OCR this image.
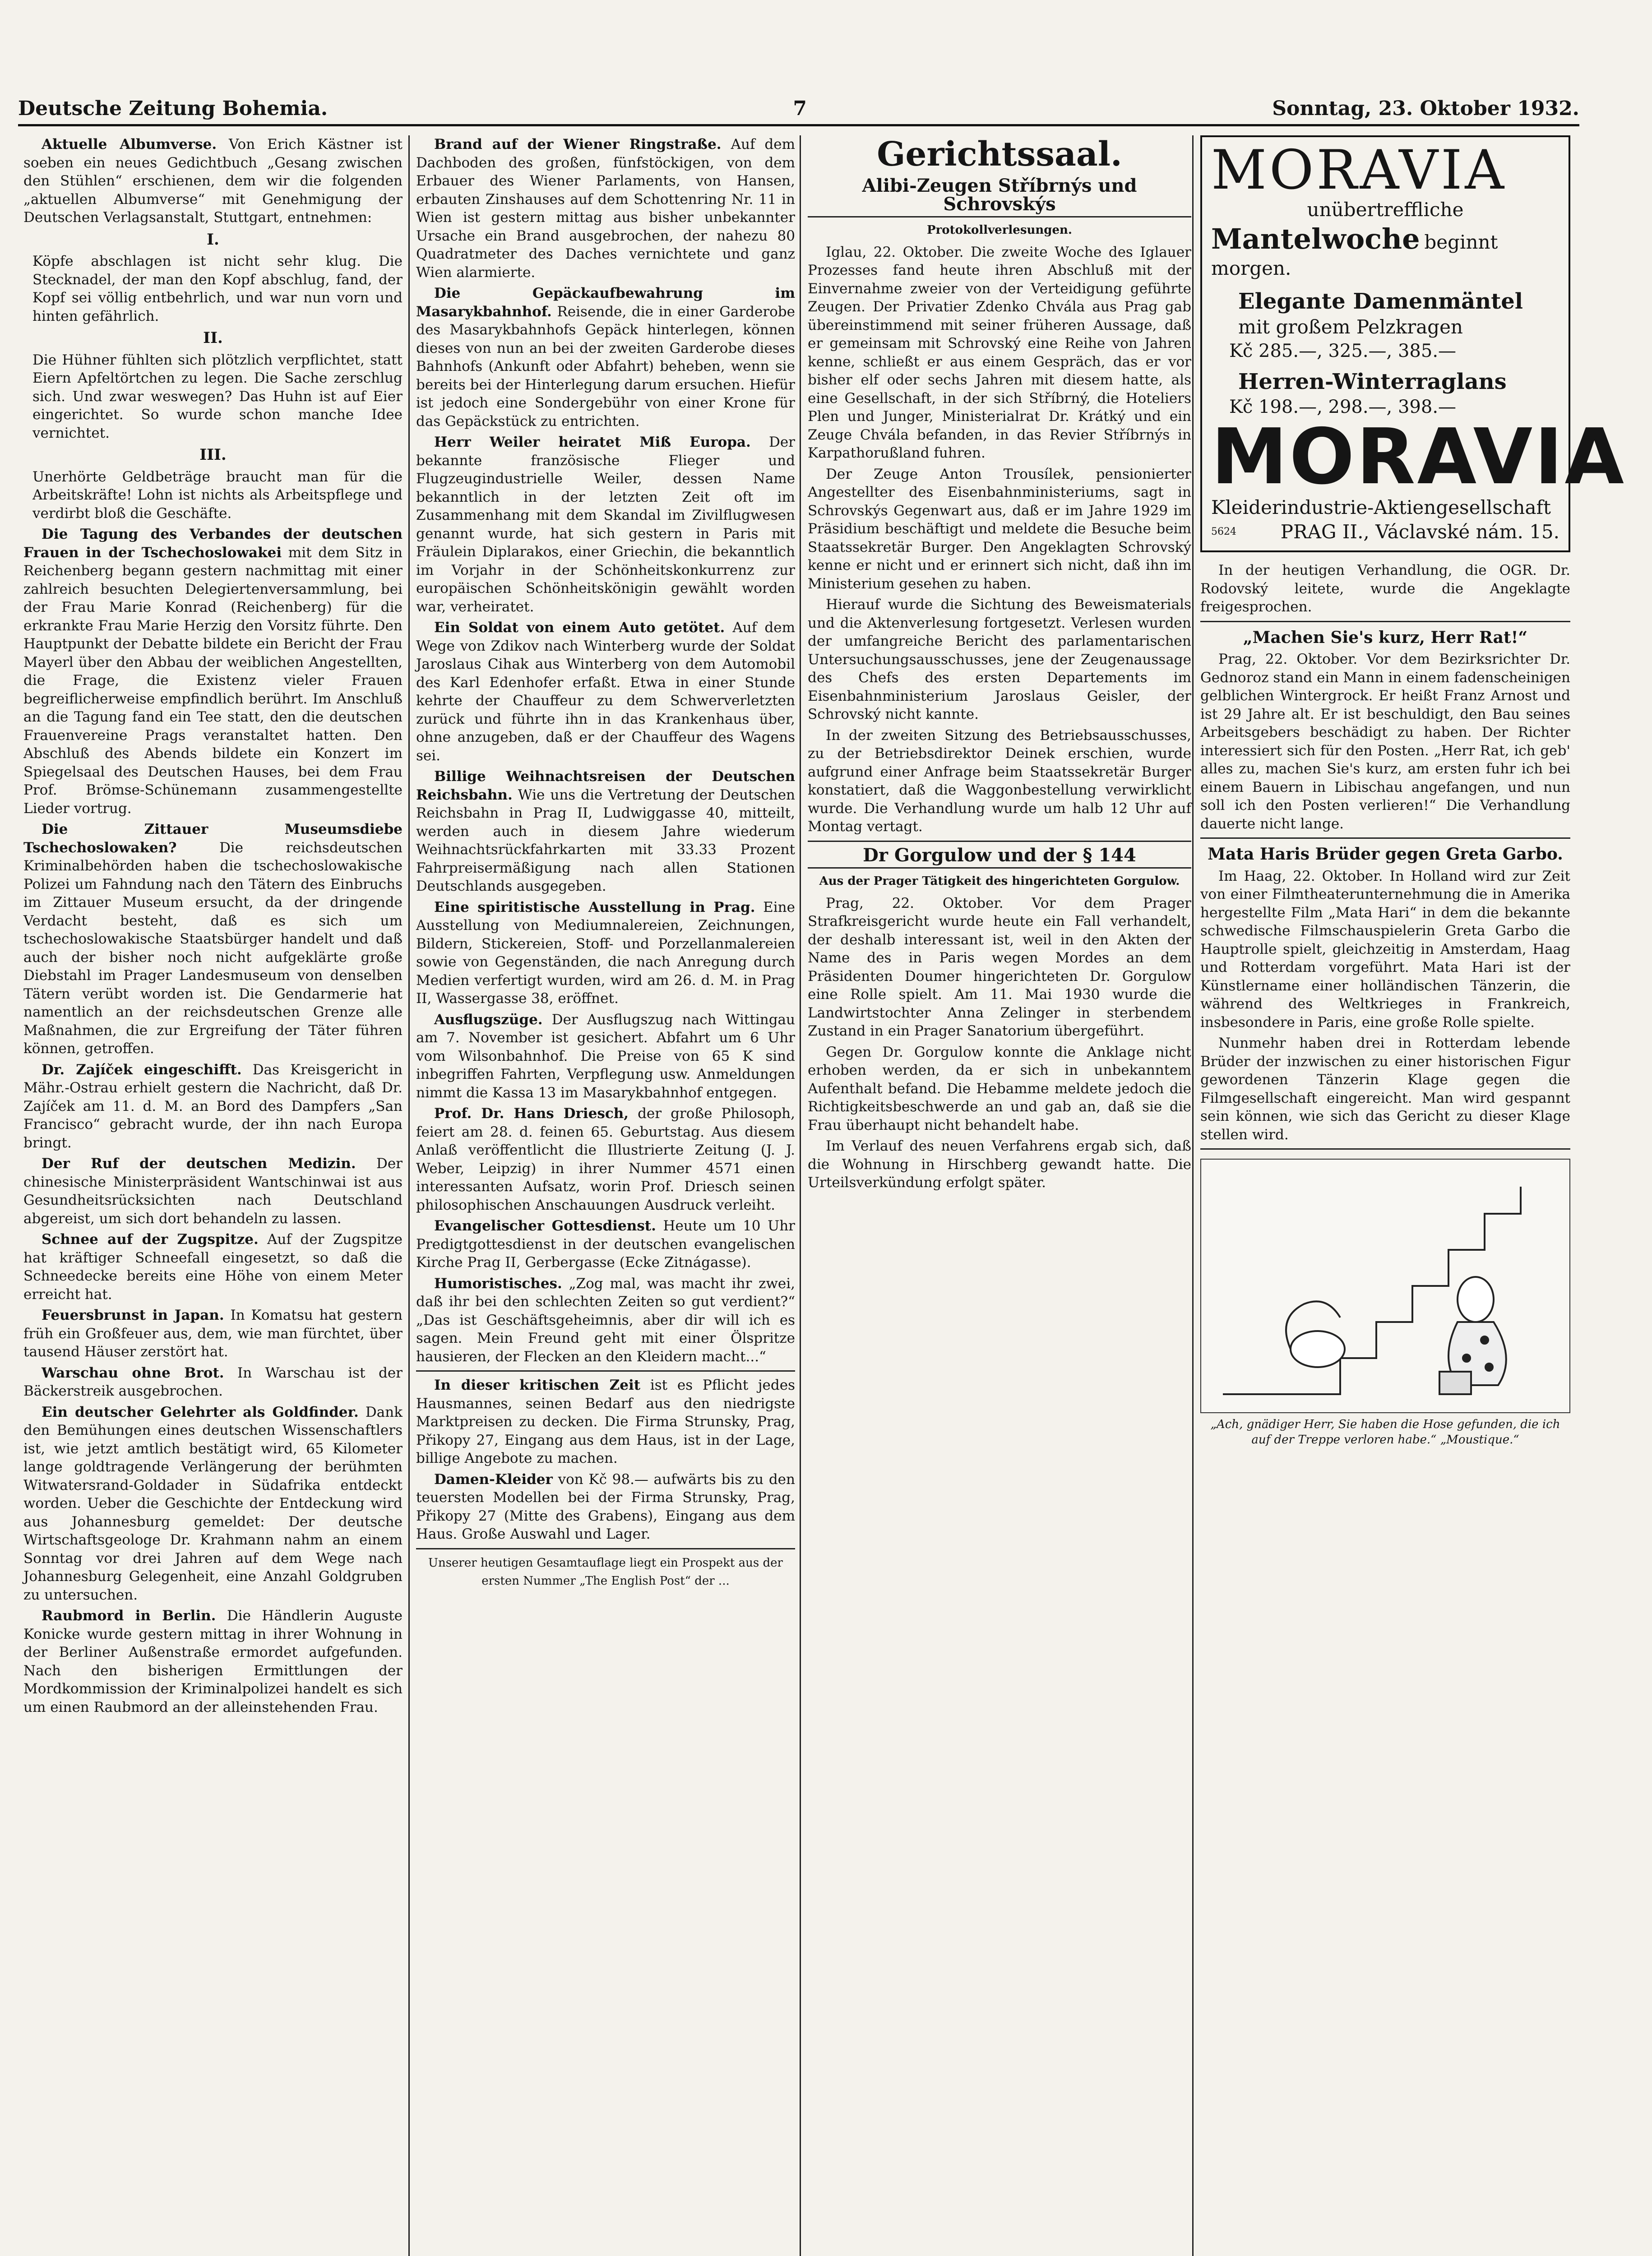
Deutsche Zeitung Bohemia.	7	Sonntag, 23. Oktober 1932.

Aktuelle Albumverse. Von Erich Kästner ist soeben ein neues Gedichtbuch „Gesang zwischen den Stühlen“ erschienen, dem wir die folgenden „aktuellen Albumverse“ mit Genehmigung der Deutschen Verlagsanstalt, Stuttgart, entnehmen:

I.

Köpfe abschlagen ist nicht sehr klug. Die Stecknadel, der man den Kopf abschlug, fand, der Kopf sei völlig entbehrlich, und war nun vorn und hinten gefährlich.

II.

Die Hühner fühlten sich plötzlich verpflichtet, statt Eiern Apfeltörtchen zu legen. Die Sache zerschlug sich. Und zwar weswegen? Das Huhn ist auf Eier eingerichtet. So wurde schon manche Idee vernichtet.

III.

Unerhörte Geldbeträge braucht man für die Arbeitskräfte! Lohn ist nichts als Arbeitspflege und verdirbt bloß die Geschäfte.

Die Tagung des Verbandes der deutschen Frauen in der Tschechoslowakei mit dem Sitz in Reichenberg begann gestern nachmittag mit einer zahlreich besuchten Delegiertenversammlung, bei der Frau Marie Konrad (Reichenberg) für die erkrankte Frau Marie Herzig den Vorsitz führte. Den Hauptpunkt der Debatte bildete ein Bericht der Frau Mayerl über den Abbau der weiblichen Angestellten, die Frage, die Existenz vieler Frauen begreiflicherweise empfindlich berührt. Im Anschluß an die Tagung fand ein Tee statt, den die deutschen Frauenvereine Prags veranstaltet hatten. Den Abschluß des Abends bildete ein Konzert im Spiegelsaal des Deutschen Hauses, bei dem Frau Prof. Brömse-Schünemann zusammengestellte Lieder vortrug.

Die Zittauer Museumsdiebe Tschechoslowaken?	Die reichsdeutschen Kriminalbehörden haben die tschechoslowakische Polizei um Fahndung nach den Tätern des Einbruchs im Zittauer Museum ersucht, da der dringende Verdacht besteht, daß es sich um tschechoslowakische Staatsbürger handelt und daß auch der bisher noch nicht aufgeklärte große Diebstahl im Prager Landesmuseum von denselben Tätern verübt worden ist. Die Gendarmerie hat namentlich an der reichsdeutschen Grenze alle Maßnahmen, die zur Ergreifung der Täter führen können, getroffen.

Dr. Zajíček eingeschifft. Das Kreisgericht in Mähr.-Ostrau erhielt gestern die Nachricht, daß Dr. Zajíček am 11. d. M. an Bord des Dampfers „San Francisco“ gebracht wurde, der ihn nach Europa bringt.

Der Ruf der deutschen Medizin. Der chinesische Ministerpräsident Wantschinwai ist aus Gesundheitsrücksichten nach Deutschland abgereist, um sich dort behandeln zu lassen.

Schnee auf der Zugspitze. Auf der Zugspitze hat kräftiger Schneefall eingesetzt, so daß die Schneedecke bereits eine Höhe von einem Meter erreicht hat.

Feuersbrunst in Japan. In Komatsu hat gestern früh ein Großfeuer aus, dem, wie man fürchtet, über tausend Häuser zerstört hat.

Warschau ohne Brot. In Warschau ist der Bäckerstreik ausgebrochen.

Ein deutscher Gelehrter als Goldfinder. Dank den Bemühungen eines deutschen Wissenschaftlers ist, wie jetzt amtlich bestätigt wird, 65 Kilometer lange goldtragende Verlängerung der berühmten Witwatersrand-Goldader in Südafrika entdeckt worden. Ueber die Geschichte der Entdeckung wird aus Johannesburg gemeldet: Der deutsche Wirtschaftsgeologe Dr. Krahmann nahm an einem Sonntag vor drei Jahren auf dem Wege nach Johannesburg Gelegenheit, eine Anzahl Goldgruben zu untersuchen.

Raubmord in Berlin. Die Händlerin Auguste Konicke wurde gestern mittag in ihrer Wohnung in der Berliner Außenstraße ermordet aufgefunden. Nach den bisherigen Ermittlungen der Mordkommission der Kriminalpolizei handelt es sich um einen Raubmord an der alleinstehenden Frau.

Brand auf der Wiener Ringstraße. Auf dem Dachboden des großen, fünfstöckigen, von dem Erbauer des Wiener Parlaments, von Hansen, erbauten Zinshauses auf dem Schottenring Nr. 11 in Wien ist gestern mittag aus bisher unbekannter Ursache ein Brand ausgebrochen, der nahezu 80 Quadratmeter des Daches vernichtete und ganz Wien alarmierte.

Die Gepäckaufbewahrung im Masarykbahnhof. Reisende, die in einer Garderobe des Masarykbahnhofs Gepäck hinterlegen, können dieses von nun an bei der zweiten Garderobe dieses Bahnhofs (Ankunft oder Abfahrt) beheben, wenn sie bereits bei der Hinterlegung darum ersuchen. Hiefür ist jedoch eine Sondergebühr von einer Krone für das Gepäckstück zu entrichten.

Herr Weiler heiratet Miß Europa. Der bekannte französische Flieger und Flugzeugindustrielle Weiler, dessen Name bekanntlich in der letzten Zeit oft im Zusammenhang mit dem Skandal im Zivilflugwesen genannt wurde, hat sich gestern in Paris mit Fräulein Diplarakos, einer Griechin, die bekanntlich im Vorjahr in der Schönheitskonkurrenz zur europäischen Schönheitskönigin gewählt worden war, verheiratet.

Ein Soldat von einem Auto getötet. Auf dem Wege von Zdikov nach Winterberg wurde der Soldat Jaroslaus Cihak aus Winterberg von dem Automobil des Karl Edenhofer erfaßt. Etwa in einer Stunde kehrte der Chauffeur zu dem Schwerverletzten zurück und führte ihn in das Krankenhaus über, ohne anzugeben, daß er der Chauffeur des Wagens sei.

Billige Weihnachtsreisen der Deutschen Reichsbahn. Wie uns die Vertretung der Deutschen Reichsbahn in Prag II, Ludwiggasse 40, mitteilt, werden auch in diesem Jahre wiederum Weihnachtsrückfahrkarten mit 33.33 Prozent Fahrpreisermäßigung nach allen Stationen Deutschlands ausgegeben.

Eine spiritistische Ausstellung in Prag. Eine Ausstellung von Mediumnalereien, Zeichnungen, Bildern, Stickereien, Stoff- und Porzellanmalereien sowie von Gegenständen, die nach Anregung durch Medien verfertigt wurden, wird am 26. d. M. in Prag II, Wassergasse 38, eröffnet.

Ausflugszüge. Der Ausflugszug nach Wittingau am 7. November ist gesichert. Abfahrt um 6 Uhr vom Wilsonbahnhof. Die Preise von 65 K sind inbegriffen Fahrten, Verpflegung usw. Anmeldungen nimmt die Kassa 13 im Masarykbahnhof entgegen.

Prof. Dr. Hans Driesch, der große Philosoph, feiert am 28. d. feinen 65. Geburtstag. Aus diesem Anlaß veröffentlicht die Illustrierte Zeitung (J. J. Weber, Leipzig) in ihrer Nummer 4571 einen interessanten Aufsatz, worin Prof. Driesch seinen philosophischen Anschauungen Ausdruck verleiht.

Evangelischer Gottesdienst. Heute um 10 Uhr Predigtgottesdienst in der deutschen evangelischen Kirche Prag II, Gerbergasse (Ecke Zitnágasse).

Humoristisches. „Zog mal, was macht ihr zwei, daß ihr bei den schlechten Zeiten so gut verdient?“ „Das ist Geschäftsgeheimnis, aber dir will ich es sagen. Mein Freund geht mit einer Ölspritze hausieren, der Flecken an den Kleidern macht...“

In dieser kritischen Zeit ist es Pflicht jedes Hausmannes, seinen Bedarf aus den niedrigste Marktpreisen zu decken. Die Firma Strunsky, Prag, Přikopy 27, Eingang aus dem Haus, ist in der Lage, billige Angebote zu machen.

Damen-Kleider von Kč 98.— aufwärts bis zu den teuersten Modellen bei der Firma Strunsky, Prag, Přikopy 27 (Mitte des Grabens), Eingang aus dem Haus. Große Auswahl und Lager.

Unserer heutigen Gesamtauflage liegt ein Prospekt aus der ersten Nummer „The English Post“ der ...

Gerichtssaal.
Alibi-Zeugen Stříbrnýs und Schrovskýs
Protokollverlesungen.

Iglau, 22. Oktober. Die zweite Woche des Iglauer Prozesses fand heute ihren Abschluß mit der Einvernahme zweier von der Verteidigung geführte Zeugen. Der Privatier Zdenko Chvála aus Prag gab übereinstimmend mit seiner früheren Aussage, daß er gemeinsam mit Schrovský eine Reihe von Jahren kenne, schließt er aus einem Gespräch, das er vor bisher elf oder sechs Jahren mit diesem hatte, als eine Gesellschaft, in der sich Stříbrný, die Hoteliers Plen und Junger, Ministerialrat Dr. Krátký und ein Zeuge Chvála befanden, in das Revier Stříbrnýs in Karpathorußland fuhren.

Der Zeuge Anton Trousílek, pensionierter Angestellter des Eisenbahnministeriums, sagt in Schrovskýs Gegenwart aus, daß er im Jahre 1929 im Präsidium beschäftigt und meldete die Besuche beim Staatssekretär Burger. Den Angeklagten Schrovský kenne er nicht und er erinnert sich nicht, daß ihn im Ministerium gesehen zu haben.

Hierauf wurde die Sichtung des Beweismaterials und die Aktenverlesung fortgesetzt. Verlesen wurden der umfangreiche Bericht des parlamentarischen Untersuchungsausschusses, jene der Zeugenaussage des Chefs des ersten Departements im Eisenbahnministerium Jaroslaus Geisler, der Schrovský nicht kannte.

In der zweiten Sitzung des Betriebsausschusses, zu der Betriebsdirektor Deinek erschien, wurde aufgrund einer Anfrage beim Staatssekretär Burger konstatiert, daß die Waggonbestellung verwirklicht wurde. Die Verhandlung wurde um halb 12 Uhr auf Montag vertagt.

Dr Gorgulow und der § 144
Aus der Prager Tätigkeit des hingerichteten Gorgulow.

Prag, 22. Oktober. Vor dem Prager Strafkreisgericht wurde heute ein Fall verhandelt, der deshalb interessant ist, weil in den Akten der Name des in Paris wegen Mordes an dem Präsidenten Doumer hingerichteten Dr. Gorgulow eine Rolle spielt. Am 11. Mai 1930 wurde die Landwirtstochter Anna Zelinger in sterbendem Zustand in ein Prager Sanatorium übergeführt.

Gegen Dr. Gorgulow konnte die Anklage nicht erhoben werden, da er sich in unbekanntem Aufenthalt befand. Die Hebamme meldete jedoch die Richtigkeitsbeschwerde an und gab an, daß sie die Frau überhaupt nicht behandelt habe.

Im Verlauf des neuen Verfahrens ergab sich, daß die Wohnung in Hirschberg gewandt hatte. Die Urteilsverkündung erfolgt später.

MORAVIA
unübertreffliche
Mantelwoche beginnt morgen.
Elegante Damenmäntel
mit großem Pelzkragen
Kč 285.—, 325.—, 385.—
Herren-Winterraglans
Kč 198.—, 298.—, 398.—
MORAVIA
Kleiderindustrie-Aktiengesellschaft
5624 PRAG II., Václavské nám. 15.

In der heutigen Verhandlung, die OGR. Dr. Rodovský leitete, wurde die Angeklagte freigesprochen.

„Machen Sie's kurz, Herr Rat!“

Prag, 22. Oktober. Vor dem Bezirksrichter Dr. Gednoroz stand ein Mann in einem fadenscheinigen gelblichen Wintergrock. Er heißt Franz Arnost und ist 29 Jahre alt. Er ist beschuldigt, den Bau seines Arbeitsgebers beschädigt zu haben. Der Richter interessiert sich für den Posten. „Herr Rat, ich geb' alles zu, machen Sie's kurz, am ersten fuhr ich bei einem Bauern in Libischau angefangen, und nun soll ich den Posten verlieren!“ Die Verhandlung dauerte nicht lange.

Mata Haris Brüder gegen Greta Garbo.

Im Haag, 22. Oktober. In Holland wird zur Zeit von einer Filmtheaterunternehmung die in Amerika hergestellte Film „Mata Hari“ in dem die bekannte schwedische Filmschauspielerin Greta Garbo die Hauptrolle spielt, gleichzeitig in Amsterdam, Haag und Rotterdam vorgeführt. Mata Hari ist der Künstlername einer holländischen Tänzerin, die während des Weltkrieges in Frankreich, insbesondere in Paris, eine große Rolle spielte.

Nunmehr haben drei in Rotterdam lebende Brüder der inzwischen zu einer historischen Figur gewordenen Tänzerin Klage gegen die Filmgesellschaft eingereicht. Man wird gespannt sein können, wie sich das Gericht zu dieser Klage stellen wird.

„Ach, gnädiger Herr, Sie haben die Hose gefunden, die ich auf der Treppe verloren habe.“ „Moustique.“
